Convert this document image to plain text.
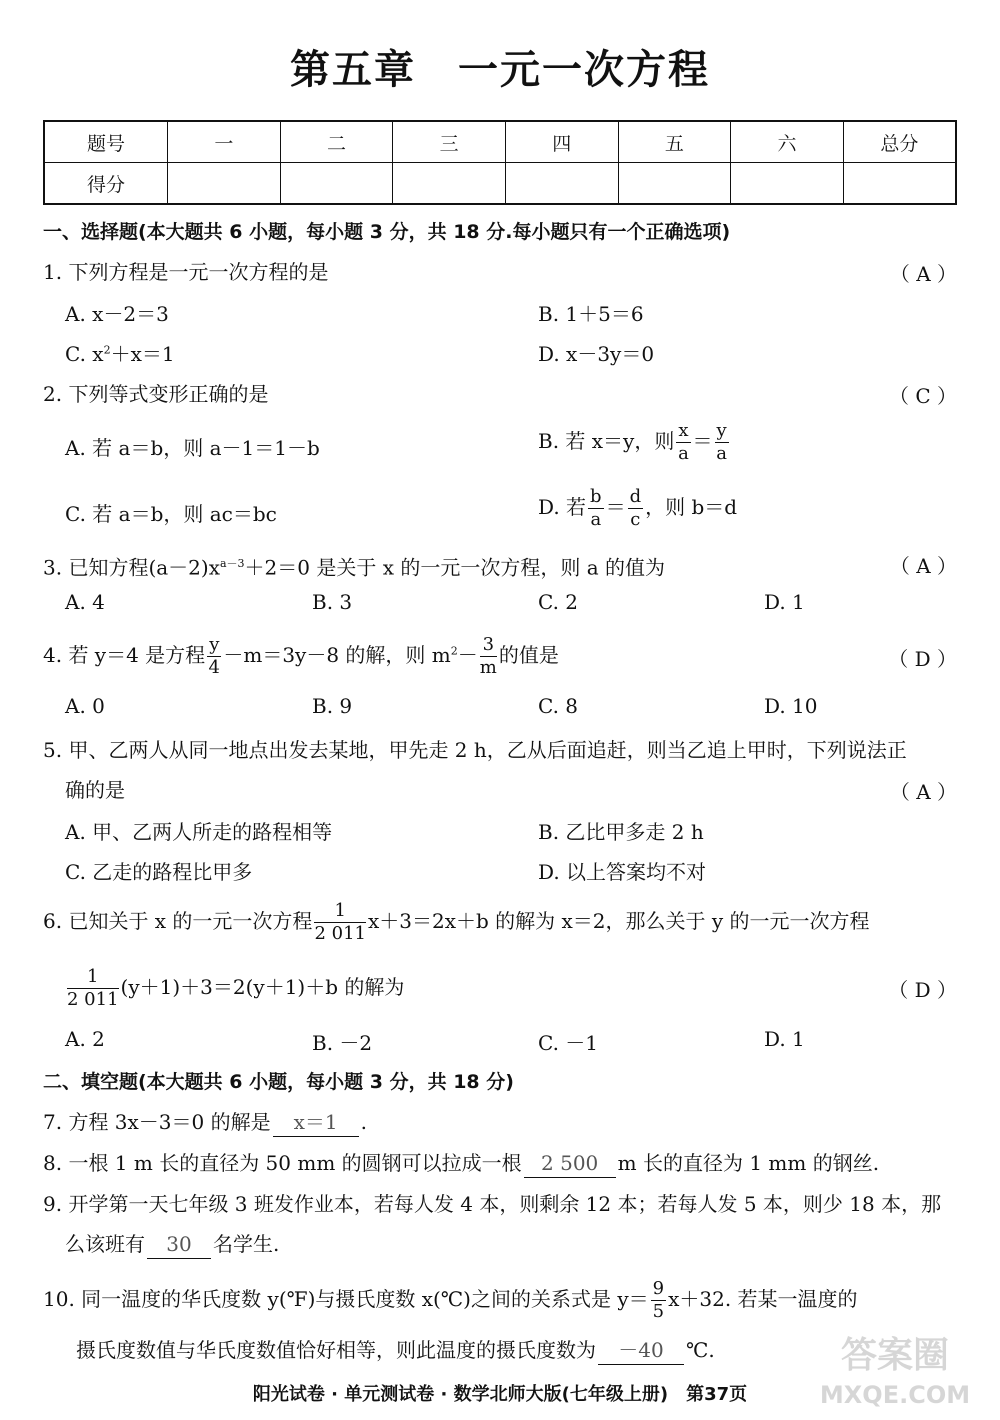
第五章　一元一次方程
题号	一	二	三	四	五	六	总分
得分							
一、选择题(本大题共 6 小题，每小题 3 分，共 18 分.每小题只有一个正确选项)
1. 下列方程是一元一次方程的是	（ A ）
A. x－2＝3	B. 1＋5＝6
C. $x^2+x=1$	D. x－3y＝0
2. 下列等式变形正确的是	（ C ）
A. 若 a＝b，则 a－1＝1－b	B. 若 x＝y，则 $\frac{x}{a} = \frac{y}{a}$
C. 若 a＝b，则 ac＝bc	D. 若 $\frac{b}{a} = \frac{d}{c}$ ，则 b＝d
3. 已知方程$(a-2)x^{a-3}+2=0$ 是关于 x 的一元一次方程，则 a 的值为	（ A ）
A. 4	B. 3	C. 2	D. 1
4. 若 y＝4 是方程 $\frac{y}{4} -m=3y-8$ 的解，则 $m^2- \frac{3}{m}$ 的值是	（ D ）
A. 0	B. 9	C. 8	D. 10
5. 甲、乙两人从同一地点出发去某地，甲先走 2 h，乙从后面追赶，则当乙追上甲时，下列说法正
确的是	（ A ）
A. 甲、乙两人所走的路程相等	B. 乙比甲多走 2 h
C. 乙走的路程比甲多	D. 以上答案均不对
6. 已知关于 x 的一元一次方程 $\frac{1}{2 011} x+3=2x+b$ 的解为 x＝2，那么关于 y 的一元一次方程
$\frac{1}{2 011} (y+1)+3=2(y+1)+b$ 的解为	（ D ）
A. 2	B. －2	C. －1	D. 1
二、填空题(本大题共 6 小题，每小题 3 分，共 18 分)
7. 方程 3x－3＝0 的解是 x＝1 .
8. 一根 1 m 长的直径为 50 mm 的圆钢可以拉成一根 2 500 m 长的直径为 1 mm 的钢丝.
9. 开学第一天七年级 3 班发作业本，若每人发 4 本，则剩余 12 本；若每人发 5 本，则少 18 本，那
么该班有 30 名学生.
10. 同一温度的华氏度数 y(℉)与摄氏度数 x(℃)之间的关系式是 $y= \frac{9}{5} x+32$. 若某一温度的
摄氏度数值与华氏度数值恰好相等，则此温度的摄氏度数为 －40 ℃.	答案圈
MXQE.COM
阳光试卷 · 单元测试卷 · 数学北师大版(七年级上册)　第37页
